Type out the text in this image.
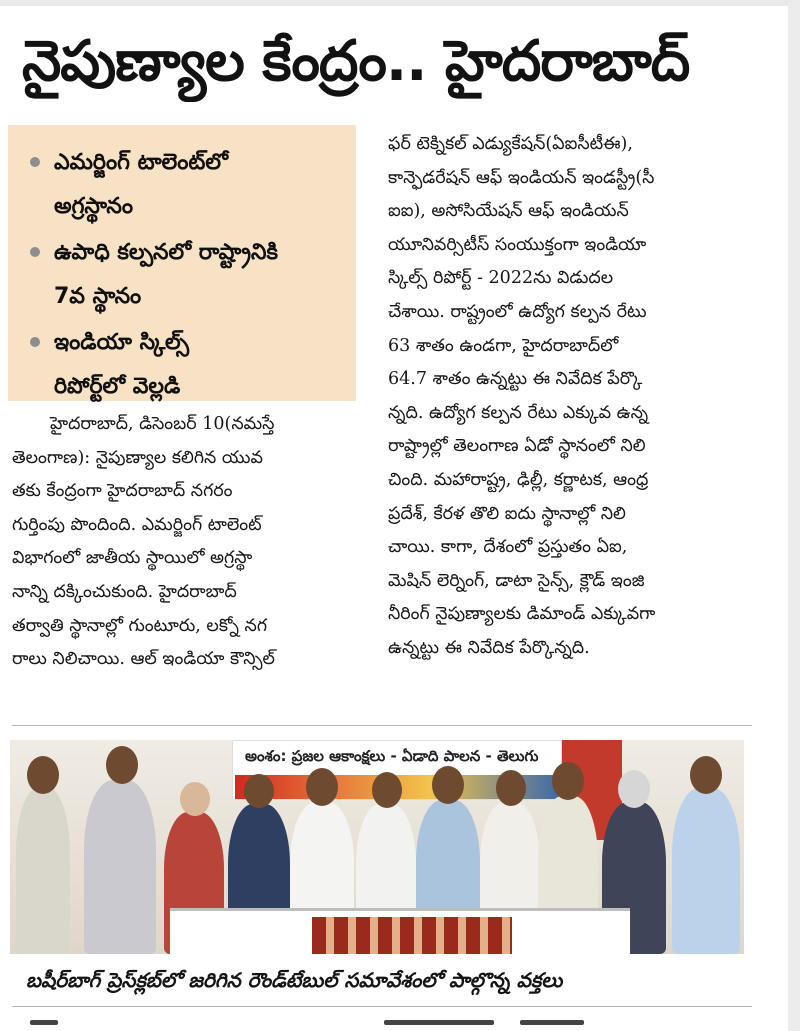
నైపుణ్యాల కేంద్రం.. హైదరాబాద్
ఎమర్జింగ్ టాలెంట్‌లో
అగ్రస్థానం
ఉపాధి కల్పనలో రాష్ట్రానికి
7వ స్థానం
ఇండియా స్కిల్స్
రిపోర్ట్‌లో వెల్లడి
హైదరాబాద్, డిసెంబర్ 10(నమస్తే
తెలంగాణ): నైపుణ్యాల కలిగిన యువ
తకు కేంద్రంగా హైదరాబాద్ నగరం
గుర్తింపు పొందింది. ఎమర్జింగ్ టాలెంట్
విభాగంలో జాతీయ స్థాయిలో అగ్రస్థా
నాన్ని దక్కించుకుంది. హైదరాబాద్
తర్వాతి స్థానాల్లో గుంటూరు, లక్నో నగ
రాలు నిలిచాయి. ఆల్ ఇండియా కౌన్సిల్
ఫర్ టెక్నికల్ ఎడ్యుకేషన్(ఏఐసీటీఈ),
కాన్ఫెడరేషన్ ఆఫ్ ఇండియన్ ఇండస్ట్రీ(సీ
ఐఐ), అసోసియేషన్ ఆఫ్ ఇండియన్
యూనివర్సిటీస్ సంయుక్తంగా ఇండియా
స్కిల్స్ రిపోర్ట్ - 2022ను విడుదల
చేశాయి. రాష్ట్రంలో ఉద్యోగ కల్పన రేటు
63 శాతం ఉండగా, హైదరాబాద్‌లో
64.7 శాతం ఉన్నట్టు ఈ నివేదిక పేర్కొ
న్నది. ఉద్యోగ కల్పన రేటు ఎక్కువ ఉన్న
రాష్ట్రాల్లో తెలంగాణ ఏడో స్థానంలో నిలి
చింది. మహారాష్ట్ర, ఢిల్లీ, కర్ణాటక, ఆంధ్ర
ప్రదేశ్, కేరళ తొలి ఐదు స్థానాల్లో నిలి
చాయి. కాగా, దేశంలో ప్రస్తుతం ఏఐ,
మెషిన్ లెర్నింగ్, డాటా సైన్స్, క్లౌడ్ ఇంజి
నీరింగ్ నైపుణ్యాలకు డిమాండ్ ఎక్కువగా
ఉన్నట్టు ఈ నివేదిక పేర్కొన్నది.
అంశం: ప్రజల ఆకాంక్షలు - ఏడాది పాలన - తెలుగు
బషీర్‌బాగ్ ప్రెస్‌క్లబ్‌లో జరిగిన రౌండ్‌టేబుల్ సమావేశంలో పాల్గొన్న వక్తలు
